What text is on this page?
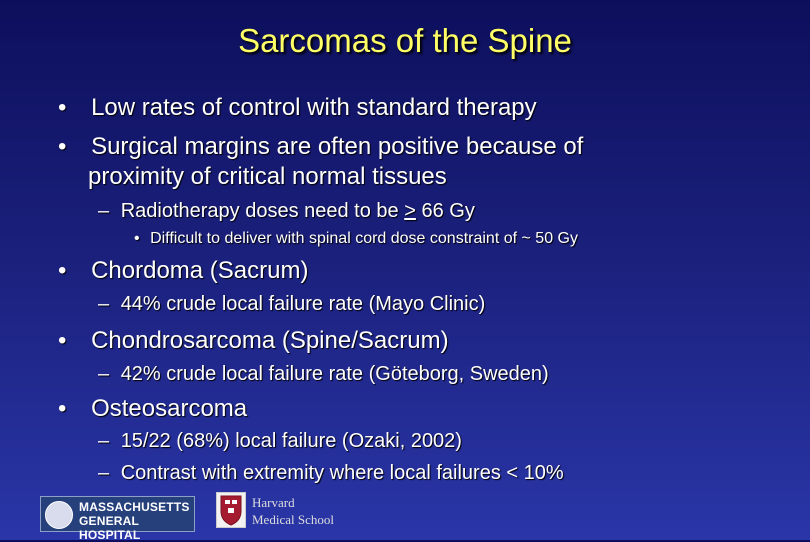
Sarcomas of the Spine
• Low rates of control with standard therapy
• Surgical margins are often positive because of
proximity of critical normal tissues
– Radiotherapy doses need to be ≥ 66 Gy
• Difficult to deliver with spinal cord dose constraint of ~ 50 Gy
• Chordoma (Sacrum)
– 44% crude local failure rate (Mayo Clinic)
• Chondrosarcoma (Spine/Sacrum)
– 42% crude local failure rate (Göteborg, Sweden)
• Osteosarcoma
– 15/22 (68%) local failure (Ozaki, 2002)
– Contrast with extremity where local failures < 10%
MASSACHUSETTS
GENERAL HOSPITAL
Harvard
Medical School
